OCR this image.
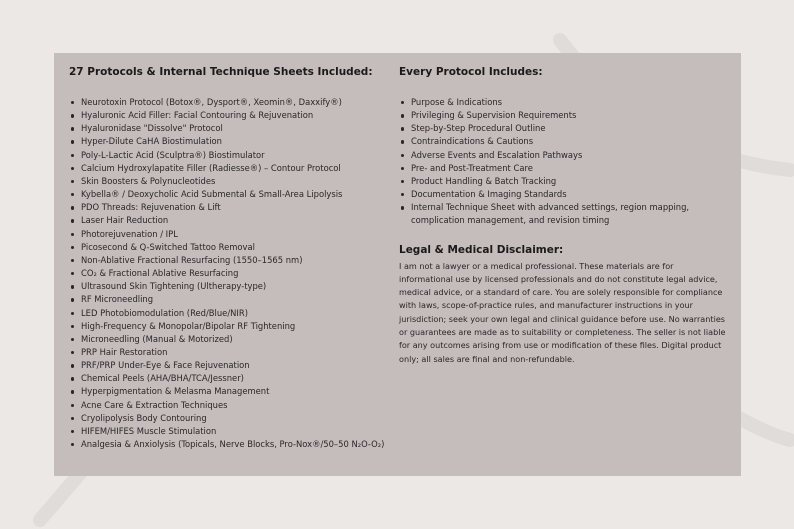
27 Protocols & Internal Technique Sheets Included:
Neurotoxin Protocol (Botox®, Dysport®, Xeomin®, Daxxify®)
Hyaluronic Acid Filler: Facial Contouring & Rejuvenation
Hyaluronidase "Dissolve" Protocol
Hyper-Dilute CaHA Biostimulation
Poly-L-Lactic Acid (Sculptra®) Biostimulator
Calcium Hydroxylapatite Filler (Radiesse®) – Contour Protocol
Skin Boosters & Polynucleotides
Kybella® / Deoxycholic Acid Submental & Small-Area Lipolysis
PDO Threads: Rejuvenation & Lift
Laser Hair Reduction
Photorejuvenation / IPL
Picosecond & Q-Switched Tattoo Removal
Non-Ablative Fractional Resurfacing (1550–1565 nm)
CO₂ & Fractional Ablative Resurfacing
Ultrasound Skin Tightening (Ultherapy-type)
RF Microneedling
LED Photobiomodulation (Red/Blue/NIR)
High-Frequency & Monopolar/Bipolar RF Tightening
Microneedling (Manual & Motorized)
PRP Hair Restoration
PRF/PRP Under-Eye & Face Rejuvenation
Chemical Peels (AHA/BHA/TCA/Jessner)
Hyperpigmentation & Melasma Management
Acne Care & Extraction Techniques
Cryolipolysis Body Contouring
HIFEM/HIFES Muscle Stimulation
Analgesia & Anxiolysis (Topicals, Nerve Blocks, Pro-Nox®/50–50 N₂O-O₂)
Every Protocol Includes:
Purpose & Indications
Privileging & Supervision Requirements
Step-by-Step Procedural Outline
Contraindications & Cautions
Adverse Events and Escalation Pathways
Pre- and Post-Treatment Care
Product Handling & Batch Tracking
Documentation & Imaging Standards
Internal Technique Sheet with advanced settings, region mapping, complication management, and revision timing
Legal & Medical Disclaimer:

I am not a lawyer or a medical professional. These materials are for informational use by licensed professionals and do not constitute legal advice, medical advice, or a standard of care. You are solely responsible for compliance with laws, scope-of-practice rules, and manufacturer instructions in your jurisdiction; seek your own legal and clinical guidance before use. No warranties or guarantees are made as to suitability or completeness. The seller is not liable for any outcomes arising from use or modification of these files. Digital product only; all sales are final and non-refundable.
